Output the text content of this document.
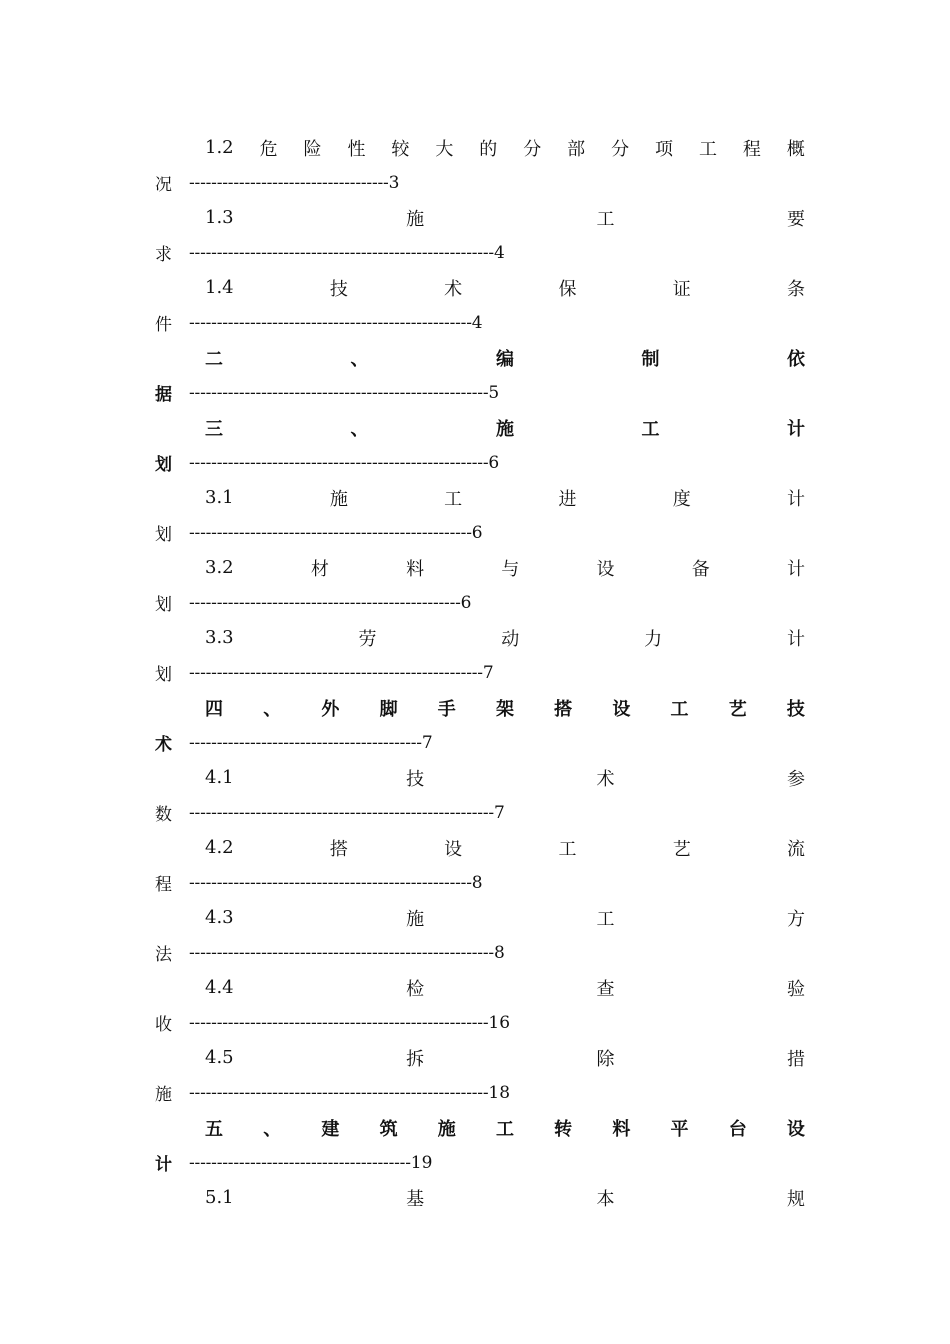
1.2 危 险 性 较 大 的 分 部 分 项 工 程 概
况	------------------------------------ 3
1.3	施	工	要
求	------------------------------------------------------- 4
1.4	技	术	保	证	条
件	--------------------------------------------------- 4
二	、	编	制	依
据	------------------------------------------------------ 5
三	、	施	工	计
划	------------------------------------------------------ 6
3.1	施	工	进	度	计
划	--------------------------------------------------- 6
3.2	材	料	与	设	备	计
划	------------------------------------------------- 6
3.3	劳	动	力	计
划	----------------------------------------------------- 7
四 、 外 脚 手 架 搭 设 工 艺 技
术	------------------------------------------ 7
4.1	技	术	参
数	------------------------------------------------------- 7
4.2	搭	设	工	艺	流
程	--------------------------------------------------- 8
4.3	施	工	方
法	------------------------------------------------------- 8
4.4	检	查	验
收	------------------------------------------------------ 16
4.5	拆	除	措
施	------------------------------------------------------ 18
五 、 建 筑 施 工 转 料 平 台 设
计	---------------------------------------- 19
5.1	基	本	规
